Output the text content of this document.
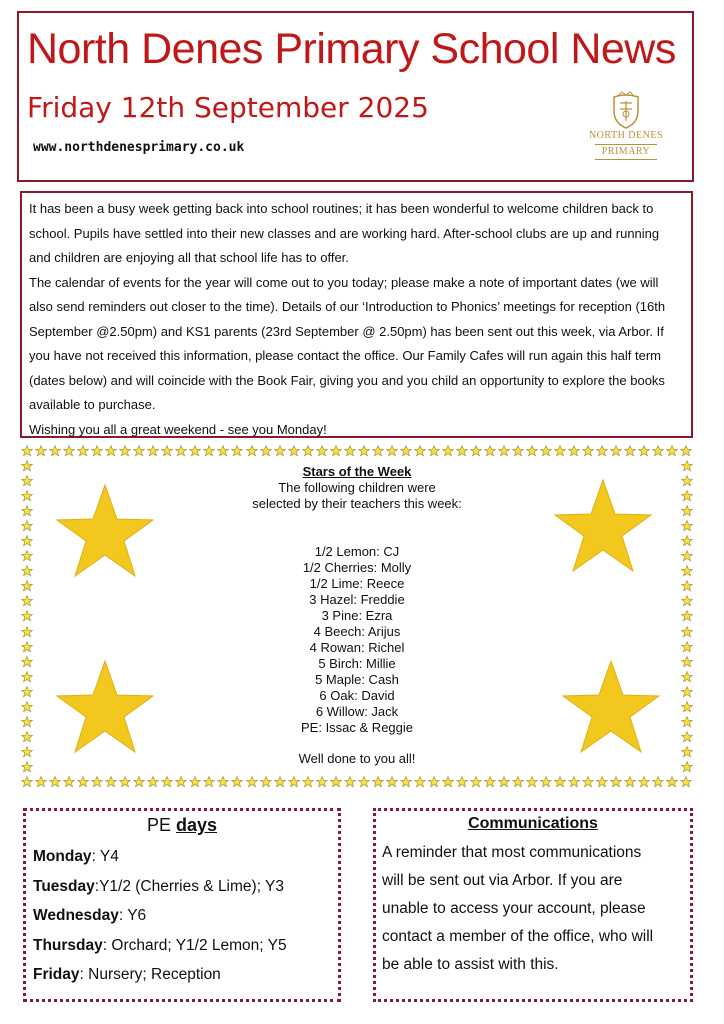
North Denes Primary School News
Friday 12th September 2025
www.northdenesprimary.co.uk
NORTH DENES
PRIMARY

It has been a busy week getting back into school routines; it has been wonderful to welcome children back to school. Pupils have settled into their new classes and are working hard. After-school clubs are up and running and children are enjoying all that school life has to offer.

The calendar of events for the year will come out to you today; please make a note of important dates (we will also send reminders out closer to the time). Details of our ‘Introduction to Phonics’ meetings for reception (16th September @2.50pm) and KS1 parents (23rd September @ 2.50pm) has been sent out this week, via Arbor. If you have not received this information, please contact the office. Our Family Cafes will run again this half term (dates below) and will coincide with the Book Fair, giving you and you child an opportunity to explore the books available to purchase.

Wishing you all a great weekend - see you Monday!

Stars of the Week
The following children were
selected by their teachers this week:
1/2 Lemon: CJ
1/2 Cherries: Molly
1/2 Lime: Reece
3 Hazel: Freddie
3 Pine: Ezra
4 Beech: Arijus
4 Rowan: Richel
5 Birch: Millie
5 Maple: Cash
6 Oak: David
6 Willow: Jack
PE: Issac & Reggie
Well done to you all!
PE days
Monday: Y4
Tuesday:Y1/2 (Cherries & Lime); Y3
Wednesday: Y6
Thursday: Orchard; Y1/2 Lemon; Y5
Friday: Nursery; Reception
Communications
A reminder that most communications
will be sent out via Arbor. If you are
unable to access your account, please
contact a member of the office, who will
be able to assist with this.
